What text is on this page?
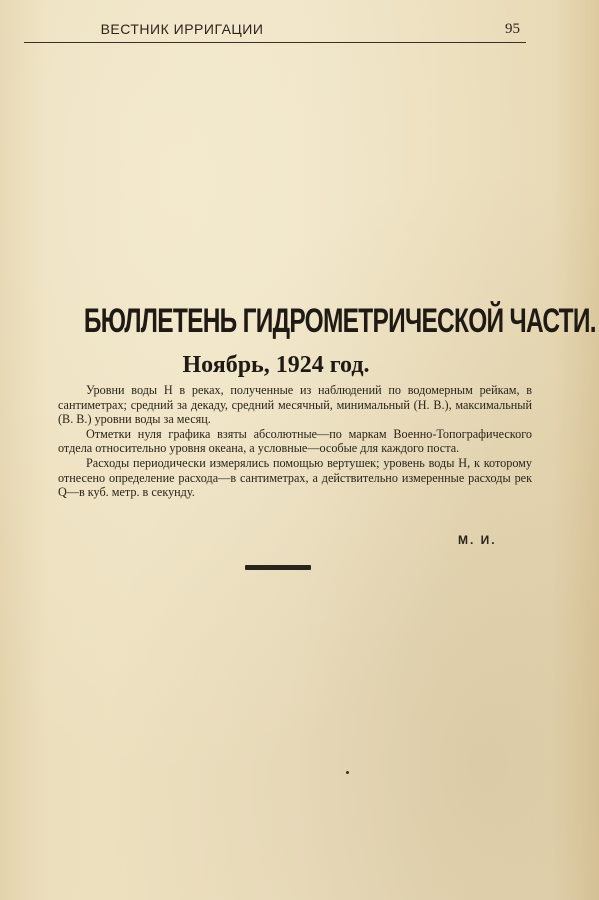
ВЕСТНИК ИРРИГАЦИИ	95
БЮЛЛЕТЕНЬ ГИДРОМЕТРИЧЕСКОЙ ЧАСТИ.
Ноябрь, 1924 год.

Уровни воды H в реках, полученные из наблюдений по водомерным рейкам, в сантиметрах; средний за декаду, средний месячный, минимальный (Н. В.), максимальный (В. В.) уровни воды за месяц.

Отметки нуля графика взяты абсолютные—по маркам Военно-Топографического отдела относительно уровня океана, а условные—особые для каждого поста.

Расходы периодически измерялись помощью вертушек; уровень воды H, к которому отнесено определение расхода—в сантиметрах, а действительно измеренные расходы рек Q—в куб. метр. в секунду.

М. И.
